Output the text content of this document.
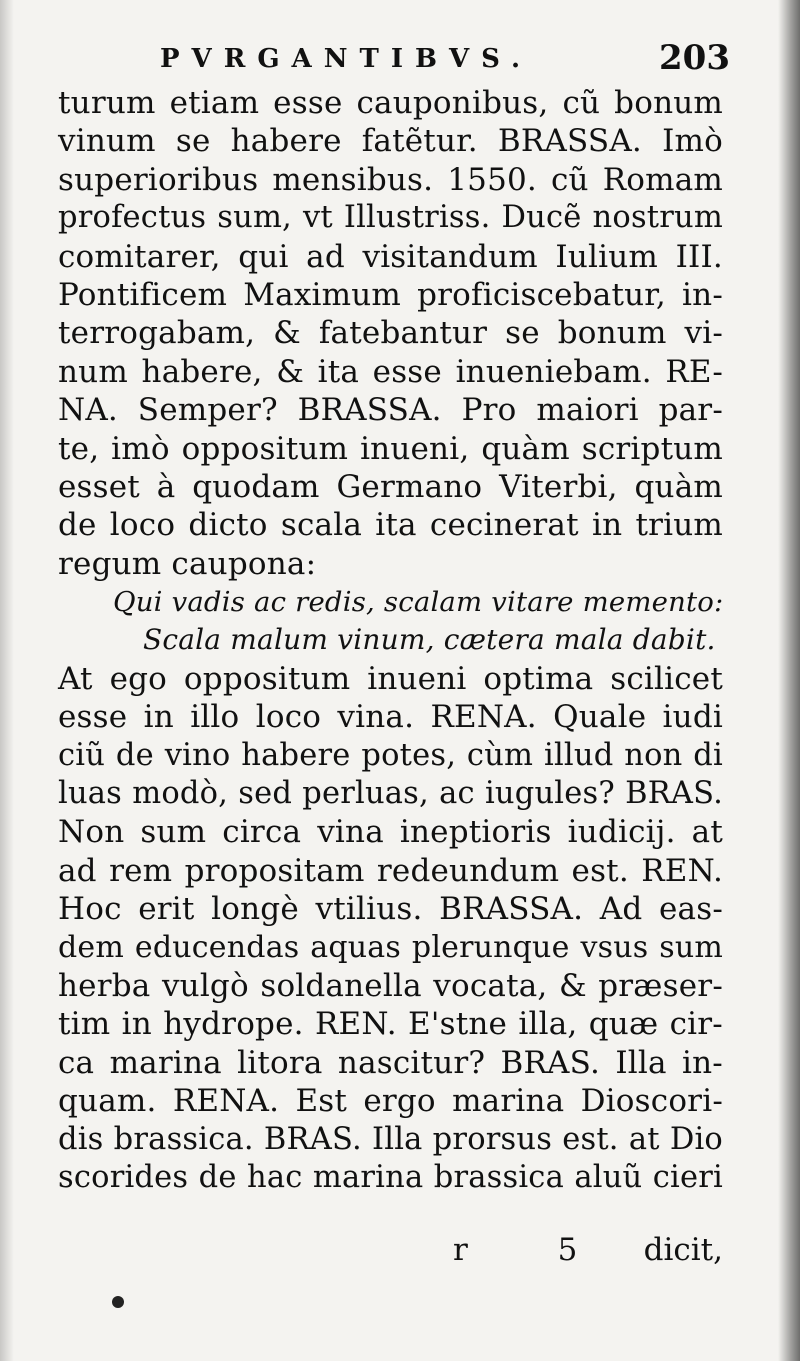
PVRGANTIBVS.	203
turum etiam esse cauponibus, cũ bonum
vinum se habere fatẽtur. BRASSA. Imò
superioribus mensibus. 1550. cũ Romam
profectus sum, vt Illustriss. Ducẽ nostrum
comitarer, qui ad visitandum Iulium III.
Pontificem Maximum proficiscebatur, in-
terrogabam, & fatebantur se bonum vi-
num habere, & ita esse inueniebam. RE-
NA. Semper? BRASSA. Pro maiori par-
te, imò oppositum inueni, quàm scriptum
esset à quodam Germano Viterbi, quàm
de loco dicto scala ita cecinerat in trium
regum caupona:
Qui vadis ac redis, scalam vitare memento:
Scala malum vinum, cætera mala dabit.
At ego oppositum inueni optima scilicet
esse in illo loco vina. RENA. Quale iudi
ciũ de vino habere potes, cùm illud non di
luas modò, sed perluas, ac iugules? BRAS.
Non sum circa vina ineptioris iudicij. at
ad rem propositam redeundum est. REN.
Hoc erit longè vtilius. BRASSA. Ad eas-
dem educendas aquas plerunque vsus sum
herba vulgò soldanella vocata, & præser-
tim in hydrope. REN. E'stne illa, quæ cir-
ca marina litora nascitur? BRAS. Illa in-
quam. RENA. Est ergo marina Dioscori-
dis brassica. BRAS. Illa prorsus est. at Dio
scorides de hac marina brassica aluũ cieri
r 5 dicit,
